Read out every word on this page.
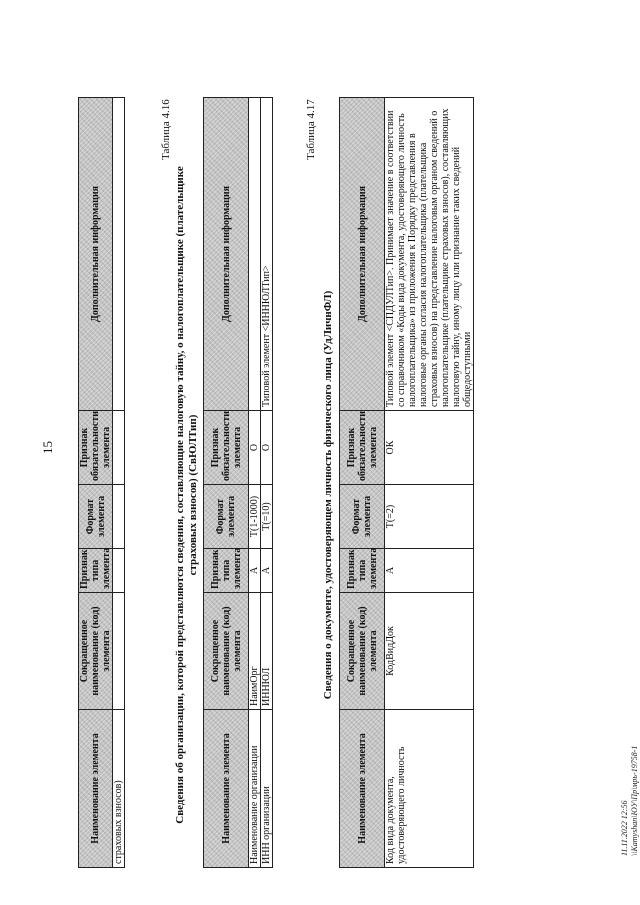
15
11.11.2022 12:56 \\Kamyshan\ЮУ\Пр\мрь-19758-1
Наименование элемента	Сокращенное наименование (код) элемента	Признак типа элемента	Формат элемента	Признак обязательности элемента	Дополнительная информация
страховых взносов)					
Таблица 4.16
Сведения об организации, которой представляются сведения, составляющие налоговую тайну, о налогоплательщике (плательщике страховых взносов) (СвЮЛТип)
Наименование элемента	Сокращенное наименование (код) элемента	Признак типа элемента	Формат элемента	Признак обязательности элемента	Дополнительная информация
Наименование организации	НаимОрг	А	T(1-1000)	О	
ИНН организации	ИННЮЛ	А	T(=10)	О	Типовой элемент <ИННЮЛТип>
Таблица 4.17
Сведения о документе, удостоверяющем личность физического лица (УдЛичнФЛ)
Наименование элемента	Сокращенное наименование (код) элемента	Признак типа элемента	Формат элемента	Признак обязательности элемента	Дополнительная информация
Код вида документа, удостоверяющего личность	КодВидДок	А	T(=2)	ОК	Типовой элемент <СПДУЛТип>. Принимает значение в соответствии со справочником «Коды вида документа, удостоверяющего личность налогоплательщика» из приложения к Порядку представления в налоговые органы согласия налогоплательщика (плательщика страховых взносов) на представление налоговым органом сведений о налогоплательщике (плательщике страховых взносов), составляющих налоговую тайну, иному лицу или признание таких сведений общедоступными
